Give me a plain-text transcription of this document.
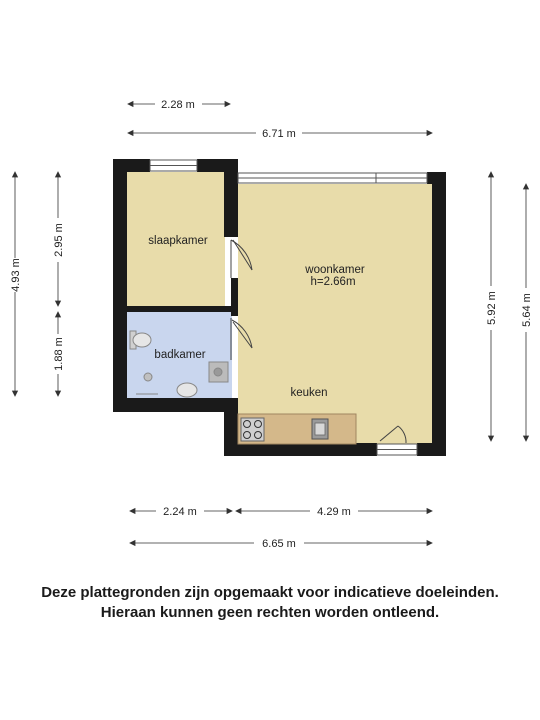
slaapkamer
badkamer
woonkamer
h=2.66m
keuken
2.28 m
6.71 m
2.24 m	4.29 m
6.65 m
4.93 m
2.95 m
1.88 m
5.92 m 5.64 m
Deze plattegronden zijn opgemaakt voor indicatieve doeleinden.
Hieraan kunnen geen rechten worden ontleend.
